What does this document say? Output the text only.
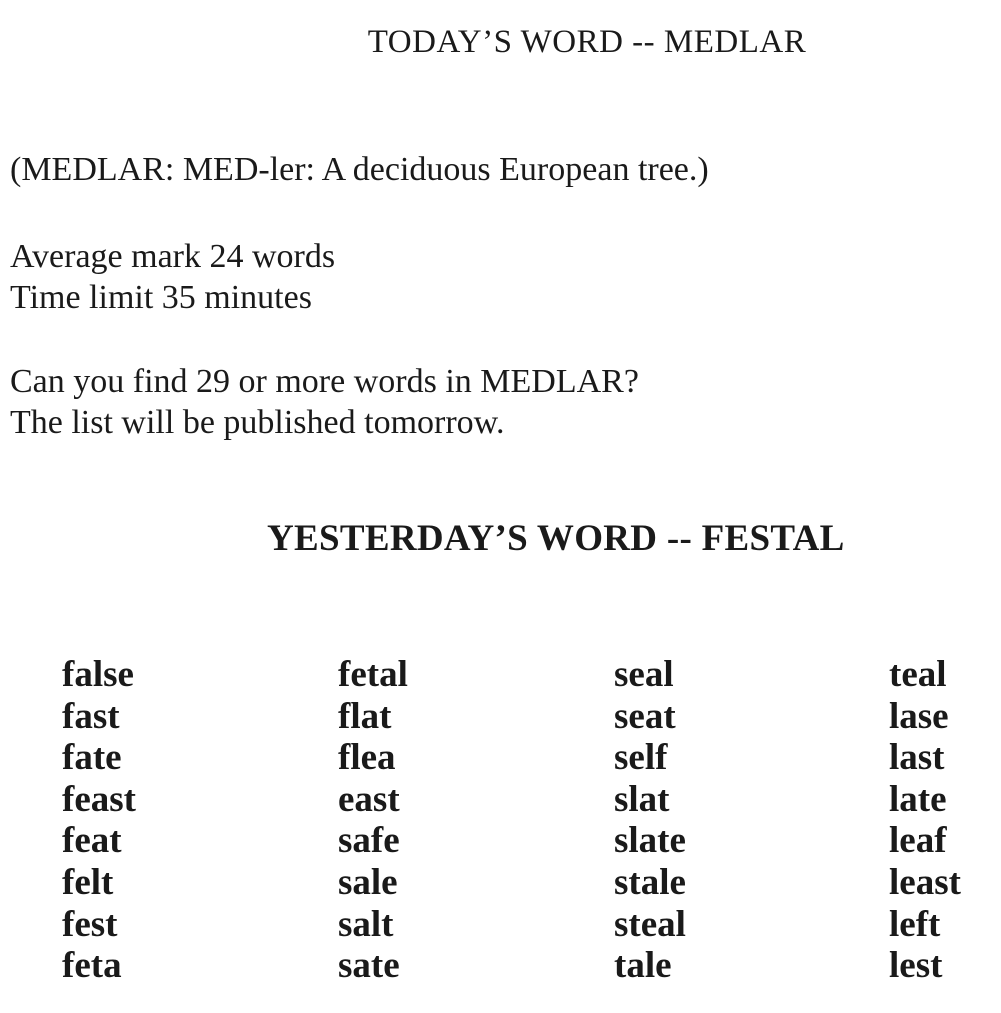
TODAY’S WORD -- MEDLAR
(MEDLAR: MED-ler: A deciduous European tree.)
Average mark 24 words
Time limit 35 minutes
Can you find 29 or more words in MEDLAR?
The list will be published tomorrow.
YESTERDAY’S WORD -- FESTAL
false
fast
fate
feast
feat
felt
fest
feta
fetal
flat
flea
east
safe
sale
salt
sate
seal
seat
self
slat
slate
stale
steal
tale
teal
lase
last
late
leaf
least
left
lest
